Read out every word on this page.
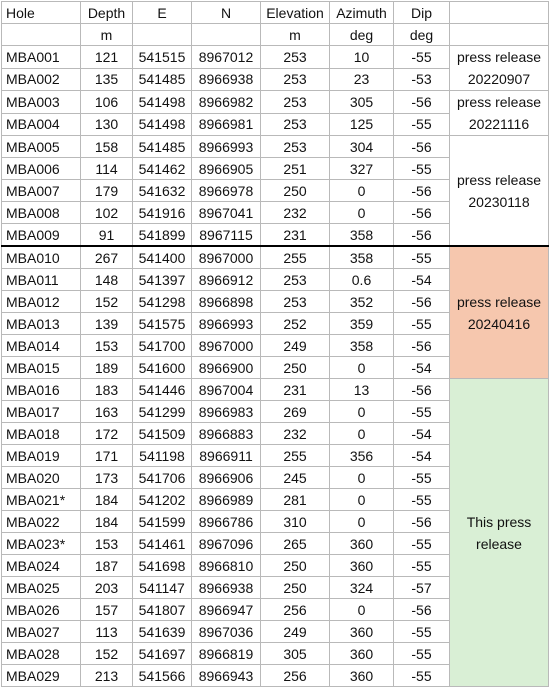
Hole	Depth	E	N	Elevation	Azimuth	Dip	
	m			m	deg	deg	
MBA001	121	541515	8967012	253	10	-55	press release
20220907

MBA002	135	541485	8966938	253	23	-53	
MBA003	106	541498	8966982	253	305	-56	press release
20221116

MBA004	130	541498	8966981	253	125	-55	
MBA005	158	541485	8966993	253	304	-56	press release
20230118

MBA006	114	541462	8966905	251	327	-55	
MBA007	179	541632	8966978	250	0	-56	
MBA008	102	541916	8967041	232	0	-56	
MBA009	91	541899	8967115	231	358	-56	
MBA010	267	541400	8967000	255	358	-55	press release
20240416

MBA011	148	541397	8966912	253	0.6	-54	
MBA012	152	541298	8966898	253	352	-56	
MBA013	139	541575	8966993	252	359	-55	
MBA014	153	541700	8967000	249	358	-56	
MBA015	189	541600	8966900	250	0	-54	
MBA016	183	541446	8967004	231	13	-56	This press
release

MBA017	163	541299	8966983	269	0	-55	
MBA018	172	541509	8966883	232	0	-54	
MBA019	171	541198	8966911	255	356	-54	
MBA020	173	541706	8966906	245	0	-55	
MBA021*	184	541202	8966989	281	0	-55	
MBA022	184	541599	8966786	310	0	-56	
MBA023*	153	541461	8967096	265	360	-55	
MBA024	187	541698	8966810	250	360	-55	
MBA025	203	541147	8966938	250	324	-57	
MBA026	157	541807	8966947	256	0	-56	
MBA027	113	541639	8967036	249	360	-55	
MBA028	152	541697	8966819	305	360	-55	
MBA029	213	541566	8966943	256	360	-55	
